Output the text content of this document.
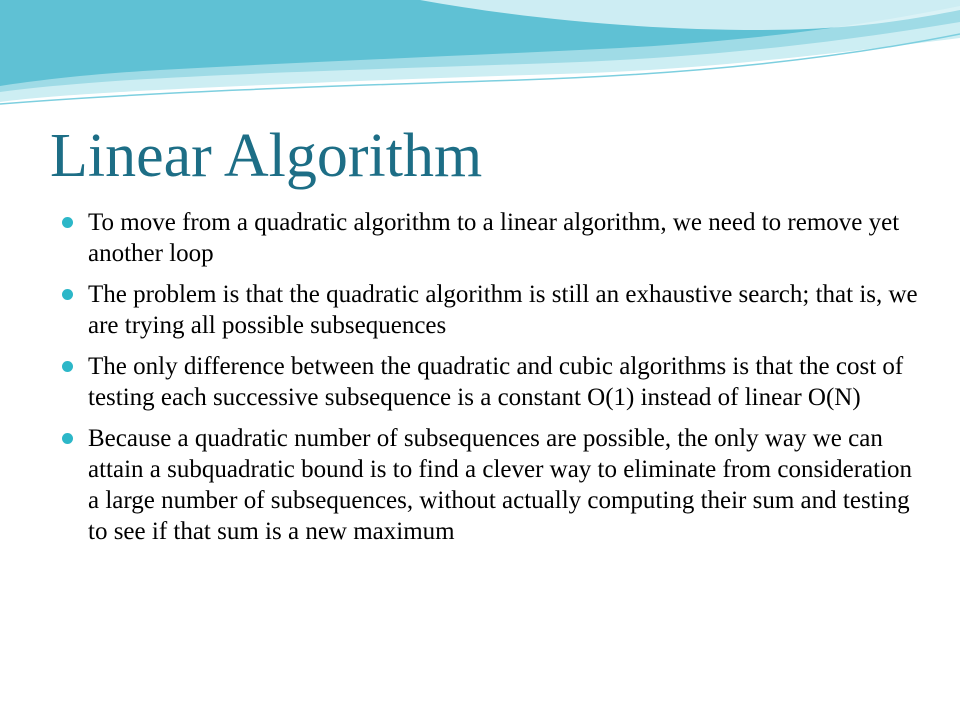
Linear Algorithm
To move from a quadratic algorithm to a linear algorithm, we need to remove yet another loop
The problem is that the quadratic algorithm is still an exhaustive search; that is, we are trying all possible subsequences
The only difference between the quadratic and cubic algorithms is that the cost of testing each successive subsequence is a constant O(1) instead of linear O(N)
Because a quadratic number of subsequences are possible, the only way we can attain a subquadratic bound is to find a clever way to eliminate from consideration a large number of subsequences, without actually computing their sum and testing to see if that sum is a new maximum
